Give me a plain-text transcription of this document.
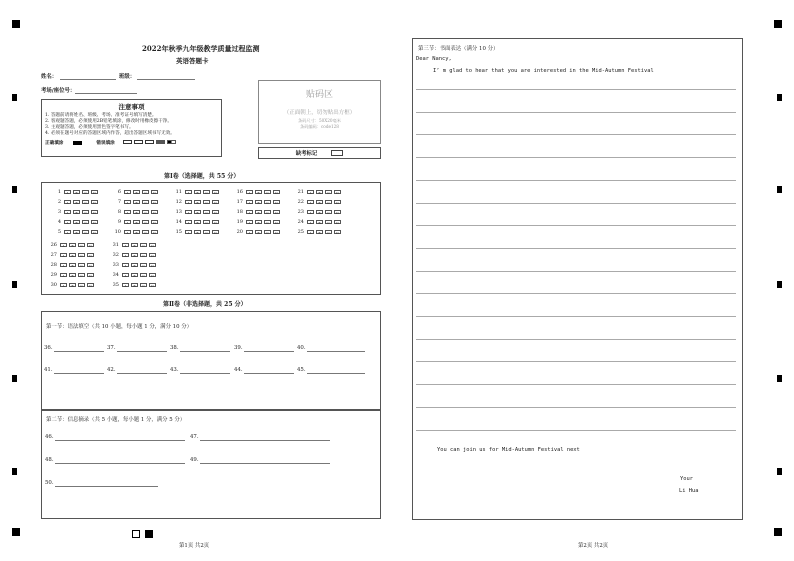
2022年秋季九年级教学质量过程监测
英语答题卡
姓名：	班级：
考场/座位号：
注意事项

1. 答题前请将姓名、班级、考场、准考证号填写清楚。

2. 客观题答题，必须使用2B铅笔填涂，修改时用橡皮擦干净。

3. 主观题答题，必须使用黑色签字笔书写。

4. 必须在题号对应的答题区域内作答，超出答题区域书写无效。

正确填涂	错误填涂
贴码区
（正面朝上，切勿贴出方框）
条码尺寸：50X20毫米
条码编码：code128
缺考标记
第Ⅰ卷（选择题，共 55 分）
1	A	B	C	D
2	A	B	C	D
3	A	B	C	D
4	A	B	C	D
5	A	B	C	D
6	A	B	C	D
7	A	B	C	D
8	A	B	C	D
9	A	B	C	D
10	A	B	C	D
11	A	B	C	D
12	A	B	C	D
13	A	B	C	D
14	A	B	C	D
15	A	B	C	D
16	A	B	C	D
17	A	B	C	D
18	A	B	C	D
19	A	B	C	D
20	A	B	C	D
21	A	B	C	D
22	A	B	C	D
23	A	B	C	D
24	A	B	C	D
25	A	B	C	D
26	A	B	C	D
27	A	B	C	D
28	A	B	C	D
29	A	B	C	D
30	A	B	C	D
31	A	B	C	D
32	A	B	C	D
33	A	B	C	D
34	A	B	C	D
35	A	B	C	D
第Ⅱ卷（非选择题，共 25 分）
第一节：语法填空（共 10 小题，每小题 1 分，满分 10 分）
36.	37.	38.	39.	40.
41.	42.	43.	44.	45.
第二节：信息摘录（共 5 小题，每小题 1 分，满分 5 分）
46.	47.
48.	49.
50.
第1页 共2页
第三节：书面表达（满分 10 分）
Dear Nancy,
I’ m glad to hear that you are interested in the Mid-Autumn Festival
You can join us for Mid-Autumn Festival next
Your
Li Hua
第2页 共2页
